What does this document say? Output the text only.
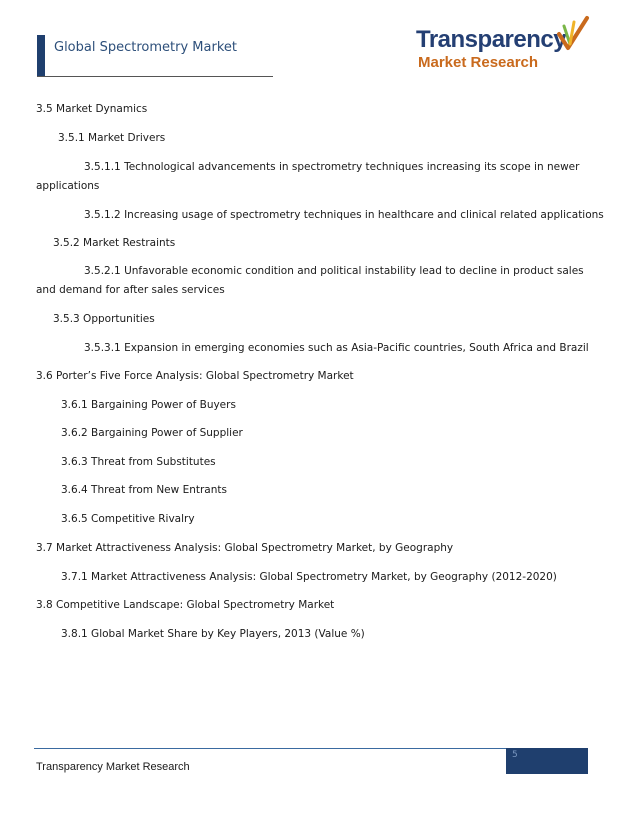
Global Spectrometry Market	Transparency
Market Research
3.5 Market Dynamics
3.5.1 Market Drivers
3.5.1.1 Technological advancements in spectrometry techniques increasing its scope in newer
applications
3.5.1.2 Increasing usage of spectrometry techniques in healthcare and clinical related applications
3.5.2 Market Restraints
3.5.2.1 Unfavorable economic condition and political instability lead to decline in product sales
and demand for after sales services
3.5.3 Opportunities
3.5.3.1 Expansion in emerging economies such as Asia-Pacific countries, South Africa and Brazil
3.6 Porter’s Five Force Analysis: Global Spectrometry Market
3.6.1 Bargaining Power of Buyers
3.6.2 Bargaining Power of Supplier
3.6.3 Threat from Substitutes
3.6.4 Threat from New Entrants
3.6.5 Competitive Rivalry
3.7 Market Attractiveness Analysis: Global Spectrometry Market, by Geography
3.7.1 Market Attractiveness Analysis: Global Spectrometry Market, by Geography (2012-2020)
3.8 Competitive Landscape: Global Spectrometry Market
3.8.1 Global Market Share by Key Players, 2013 (Value %)
5
Transparency Market Research
